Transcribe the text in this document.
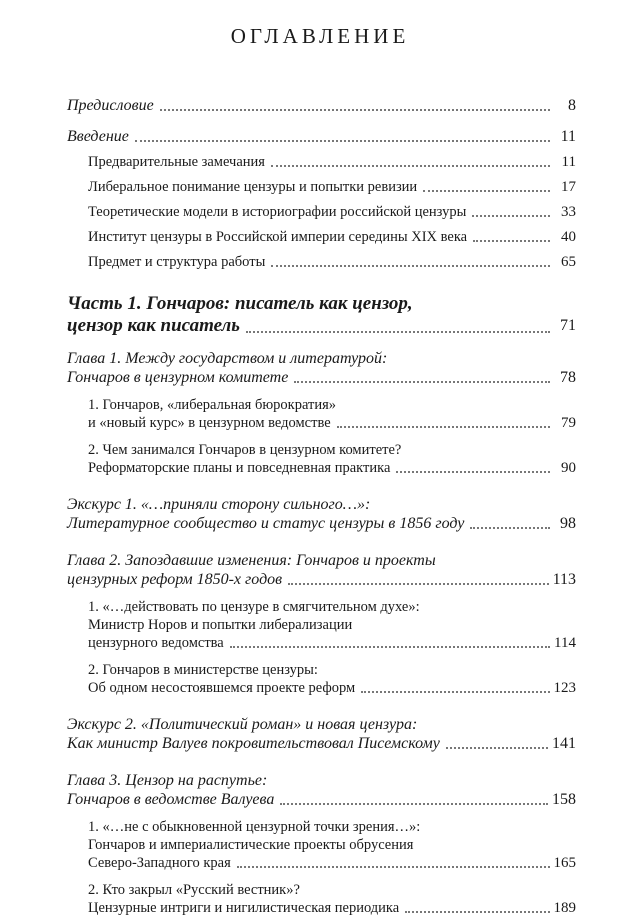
ОГЛАВЛЕНИЕ
Предисловие	8
Введение	11
Предварительные замечания	11
Либеральное понимание цензуры и попытки ревизии	17
Теоретические модели в историографии российской цензуры	33
Институт цензуры в Российской империи середины XIX века	40
Предмет и структура работы	65
Часть 1. Гончаров: писатель как цензор,
цензор как писатель	71
Глава 1. Между государством и литературой:
Гончаров в цензурном комитете	78
1. Гончаров, «либеральная бюрократия»
и «новый курс» в цензурном ведомстве	79
2. Чем занимался Гончаров в цензурном комитете?
Реформаторские планы и повседневная практика	90
Экскурс 1. «…приняли сторону сильного…»:
Литературное сообщество и статус цензуры в 1856 году	98
Глава 2. Запоздавшие изменения: Гончаров и проекты
цензурных реформ 1850-х годов	113
1. «…действовать по цензуре в смягчительном духе»:
Министр Норов и попытки либерализации
цензурного ведомства	114
2. Гончаров в министерстве цензуры:
Об одном несостоявшемся проекте реформ	123
Экскурс 2. «Политический роман» и новая цензура:
Как министр Валуев покровительствовал Писемскому	141
Глава 3. Цензор на распутье:
Гончаров в ведомстве Валуева	158
1. «…не с обыкновенной цензурной точки зрения…»:
Гончаров и империалистические проекты обрусения
Северо-Западного края	165
2. Кто закрыл «Русский вестник»?
Цензурные интриги и нигилистическая периодика	189
